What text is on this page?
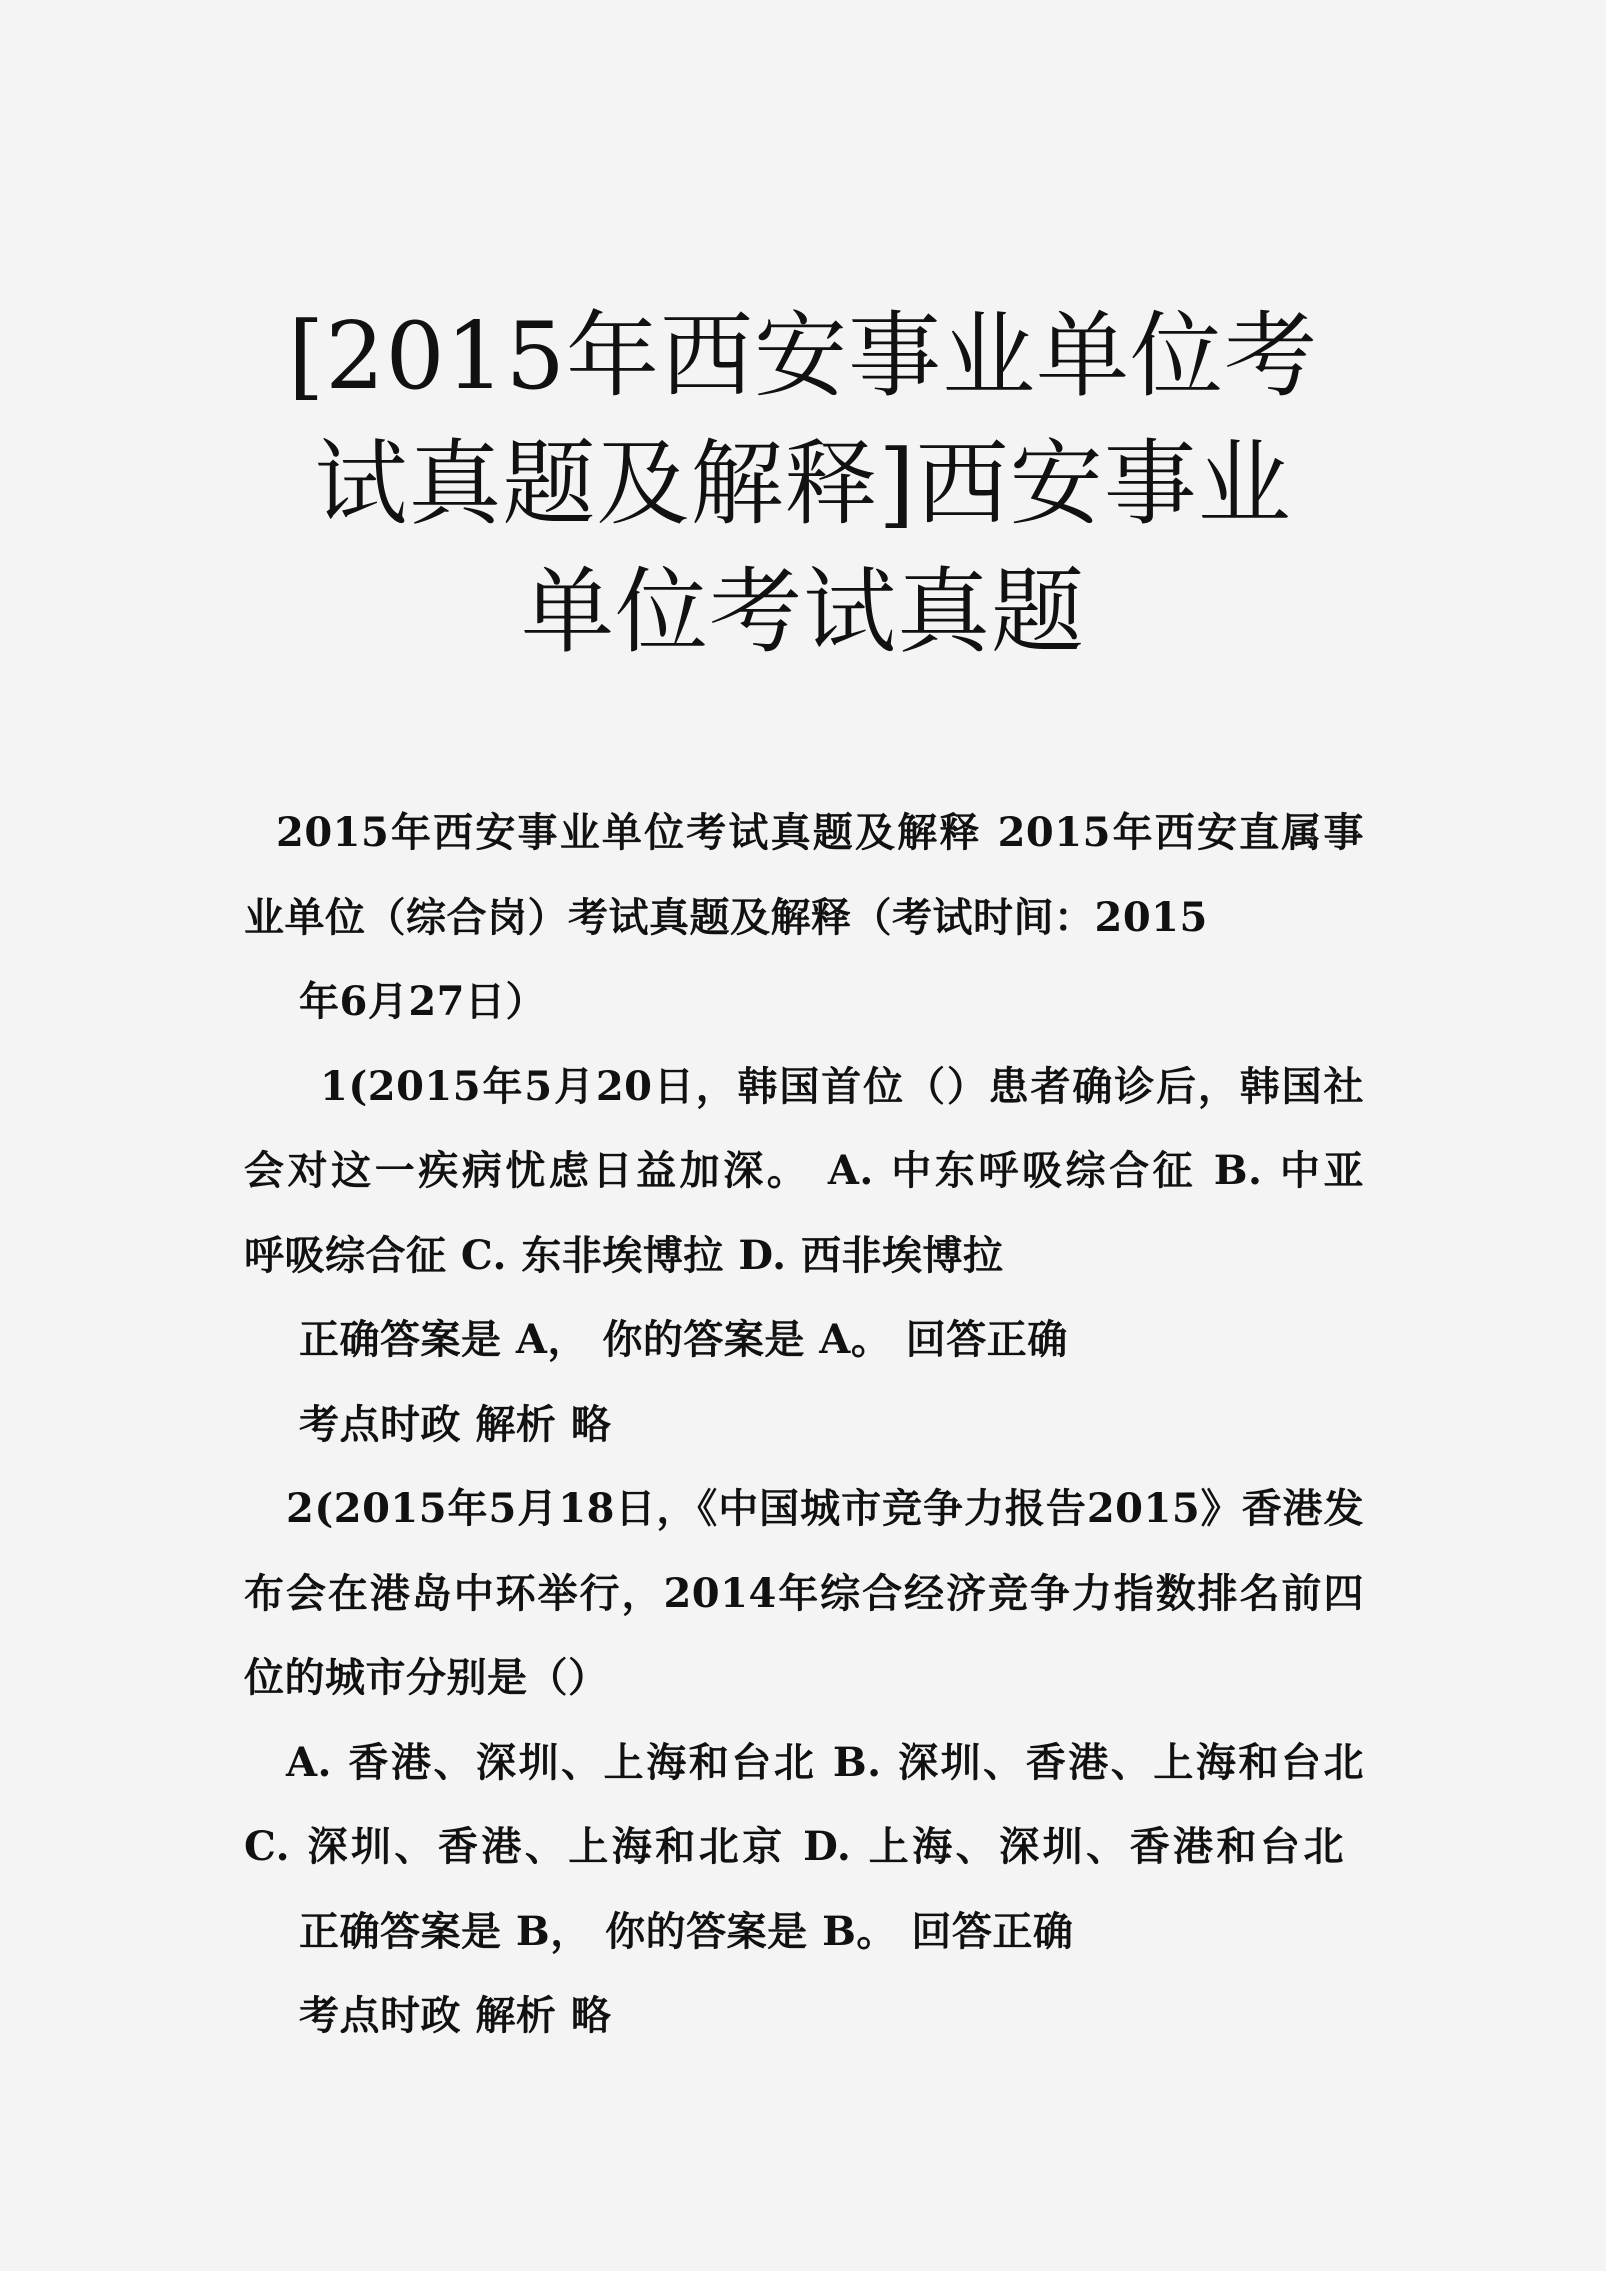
[2015年西安事业单位考
试真题及解释]西安事业
单位考试真题
2015年西安事业单位考试真题及解释 2015年西安直属事
业单位（综合岗）考试真题及解释（考试时间：2015
年6月27日）
1(2015年5月20日，韩国首位（）患者确诊后，韩国社
会对这一疾病忧虑日益加深。 A. 中东呼吸综合征 B. 中亚
呼吸综合征 C. 东非埃博拉 D. 西非埃博拉
正确答案是 A， 你的答案是 A。 回答正确
考点时政 解析 略
2(2015年5月18日，《中国城市竞争力报告2015》香港发
布会在港岛中环举行，2014年综合经济竞争力指数排名前四
位的城市分别是（）
A. 香港、深圳、上海和台北 B. 深圳、香港、上海和台北
C. 深圳、香港、上海和北京 D. 上海、深圳、香港和台北
正确答案是 B， 你的答案是 B。 回答正确
考点时政 解析 略
